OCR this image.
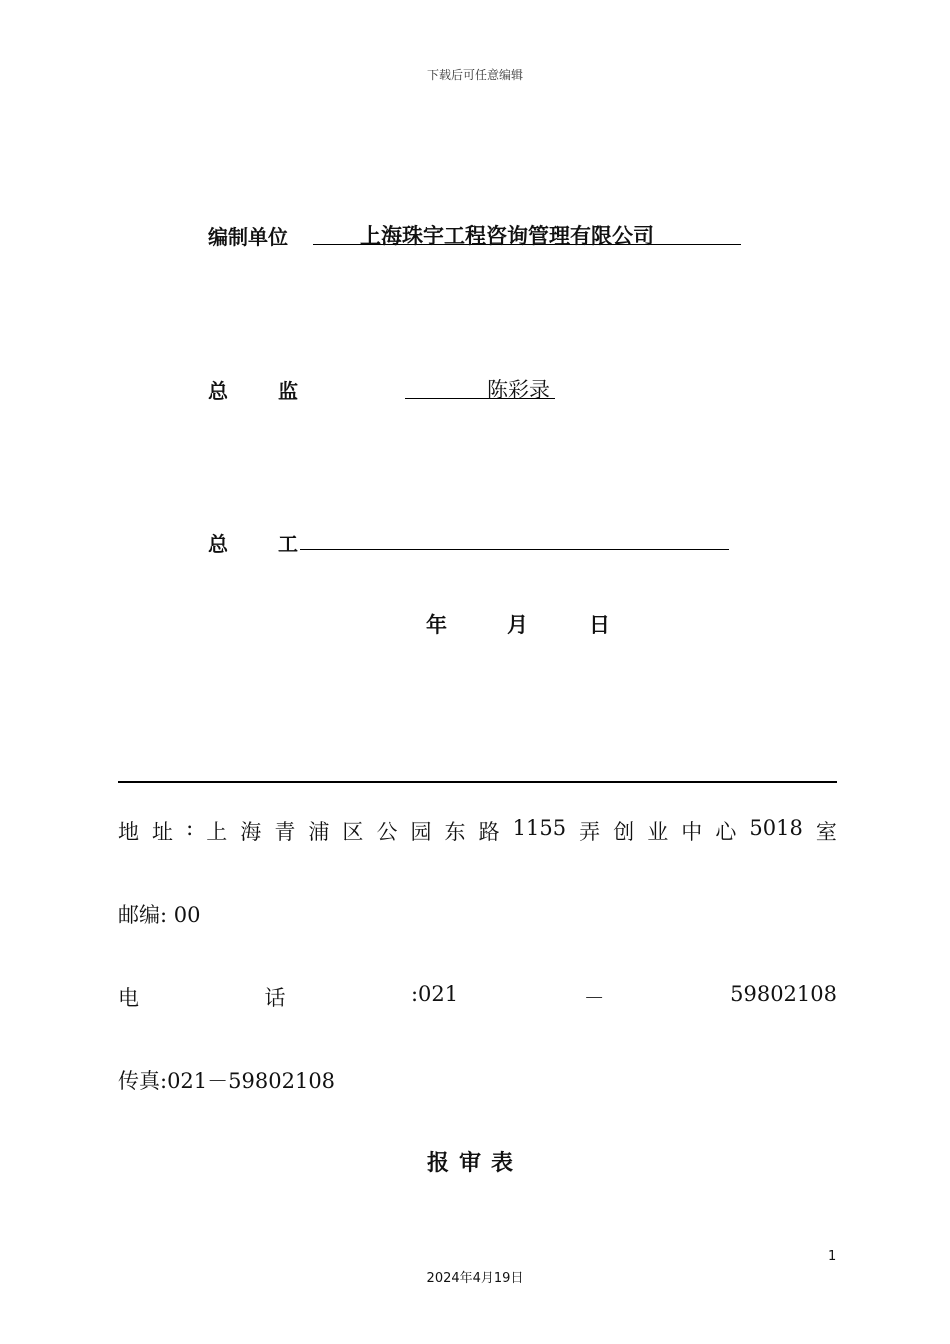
下载后可任意编辑
编制单位	上海珠宇工程咨询管理有限公司
总	监	陈彩录
总	工
年	月	日
地 址 : 上 海 青 浦 区 公 园 东 路 1155 弄 创 业 中 心 5018 室
邮编: 00
电	话	:021	－	59802108
传真:021－59802108
报审表
1
2024年4月19日
